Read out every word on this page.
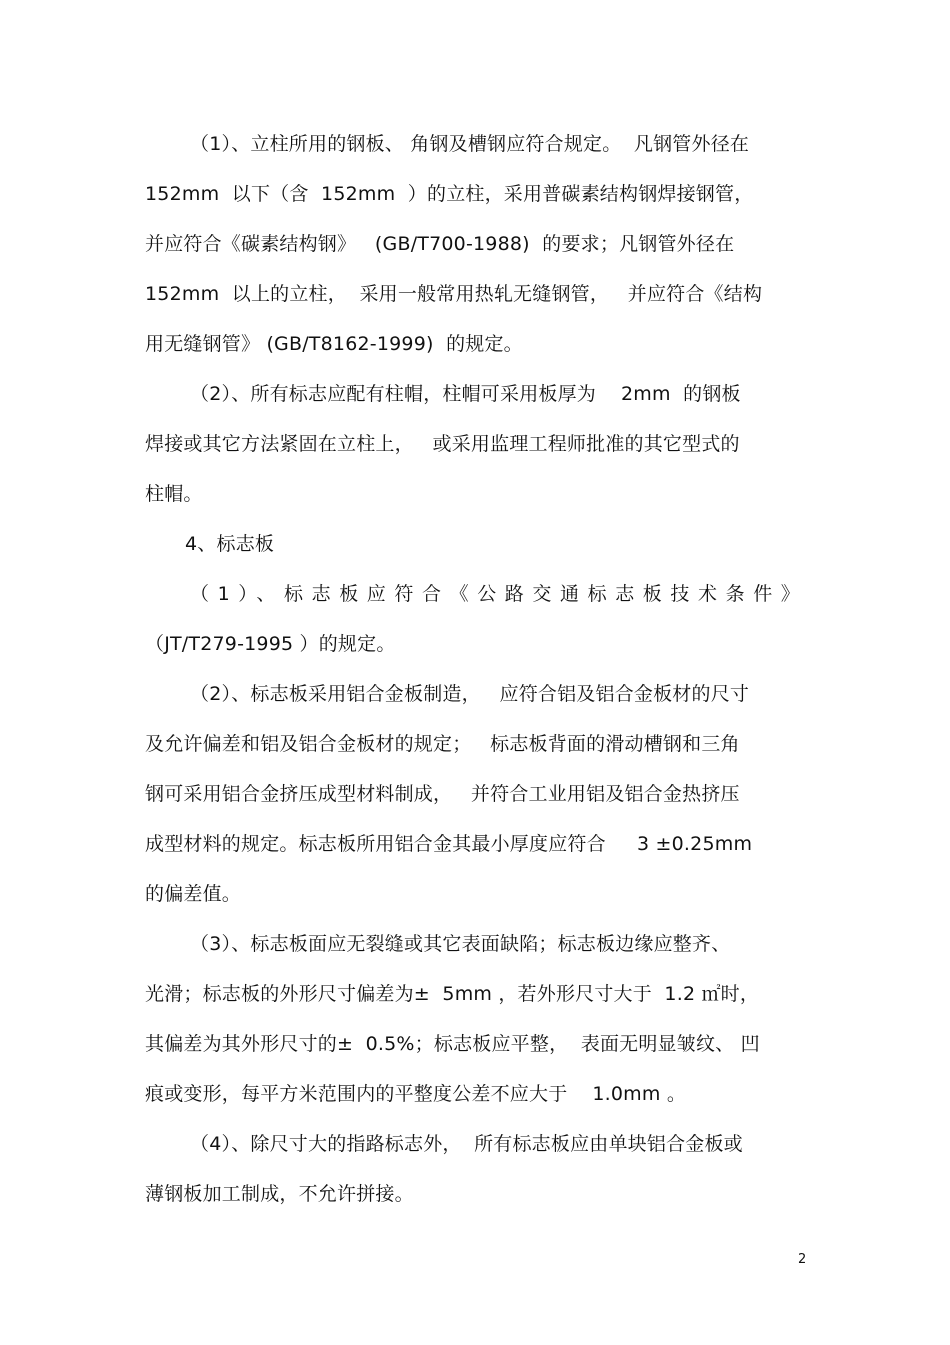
（1）、立柱所用的钢板、 角钢及槽钢应符合规定。  凡钢管外径在
152mm  以下（含  152mm  ）的立柱，采用普碳素结构钢焊接钢管，
并应符合《碳素结构钢》   (GB/T700-1988)  的要求；凡钢管外径在
152mm  以上的立柱，  采用一般常用热轧无缝钢管，   并应符合《结构
用无缝钢管》 (GB/T8162-1999)  的规定。
（2）、所有标志应配有柱帽，柱帽可采用板厚为    2mm  的钢板
焊接或其它方法紧固在立柱上，   或采用监理工程师批准的其它型式的
柱帽。
4、标志板
（1）、标志板应符合《公路交通标志板技术条件》
（JT/T279-1995 ）的规定。
（2）、标志板采用铝合金板制造，   应符合铝及铝合金板材的尺寸
及允许偏差和铝及铝合金板材的规定；   标志板背面的滑动槽钢和三角
钢可采用铝合金挤压成型材料制成，   并符合工业用铝及铝合金热挤压
成型材料的规定。标志板所用铝合金其最小厚度应符合     3 ±0.25mm
的偏差值。
（3）、标志板面应无裂缝或其它表面缺陷；标志板边缘应整齐、
光滑；标志板的外形尺寸偏差为±  5mm ，若外形尺寸大于  1.2 ㎡时，
其偏差为其外形尺寸的±  0.5%；标志板应平整，  表面无明显皱纹、 凹
痕或变形，每平方米范围内的平整度公差不应大于    1.0mm 。
（4）、除尺寸大的指路标志外，  所有标志板应由单块铝合金板或
薄钢板加工制成，不允许拼接。
2
